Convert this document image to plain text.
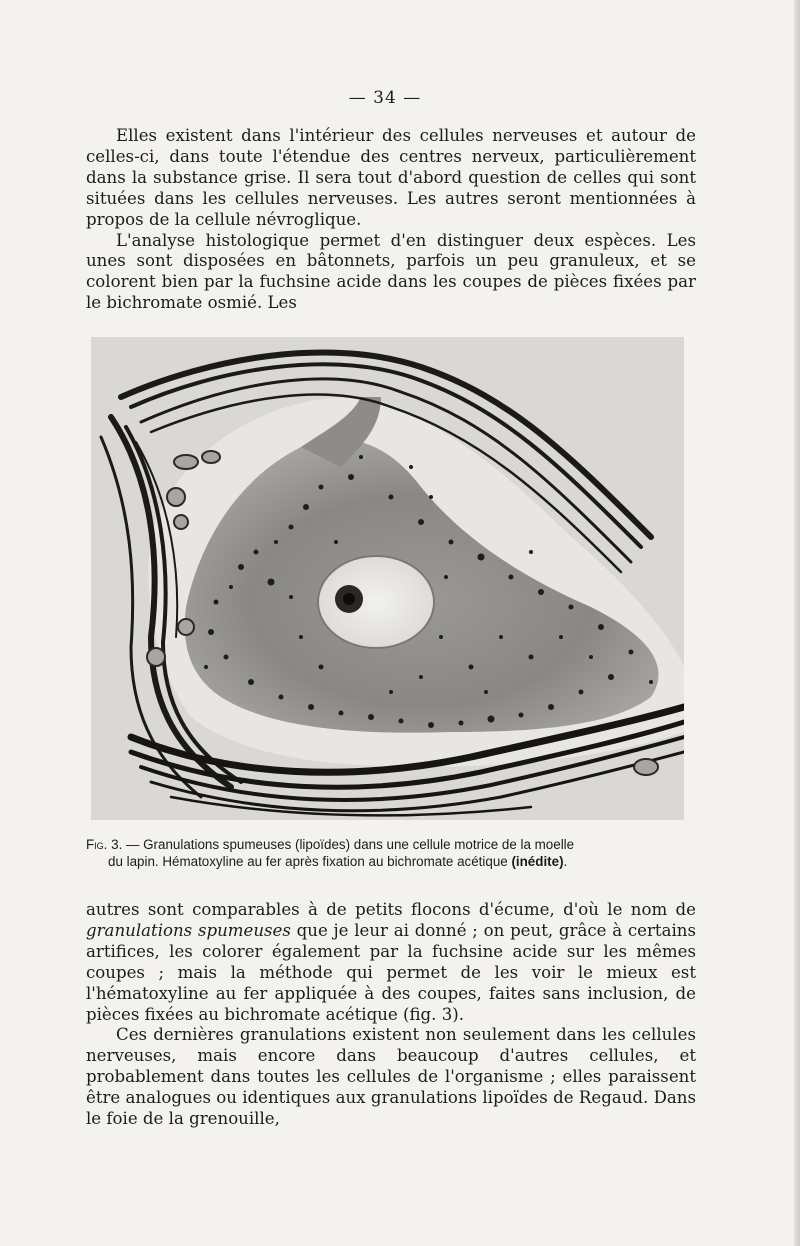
— 34 —

Elles existent dans l'intérieur des cellules nerveuses et autour de celles-ci, dans toute l'étendue des centres nerveux, particulièrement dans la substance grise. Il sera tout d'abord question de celles qui sont situées dans les cellules nerveuses. Les autres seront mentionnées à propos de la cellule névroglique.

L'analyse histologique permet d'en distinguer deux espèces. Les unes sont disposées en bâtonnets, parfois un peu granuleux, et se colorent bien par la fuchsine acide dans les coupes de pièces fixées par le bichromate osmié. Les

Fig. 3. — Granulations spumeuses (lipoïdes) dans une cellule motrice de la moelle
du lapin. Hématoxyline au fer après fixation au bichromate acétique (inédite).

autres sont comparables à de petits flocons d'écume, d'où le nom de granulations spumeuses que je leur ai donné ; on peut, grâce à certains artifices, les colorer également par la fuchsine acide sur les mêmes coupes ; mais la méthode qui permet de les voir le mieux est l'hématoxyline au fer appliquée à des coupes, faites sans inclusion, de pièces fixées au bichromate acétique (fig. 3).

Ces dernières granulations existent non seulement dans les cellules nerveuses, mais encore dans beaucoup d'autres cellules, et probablement dans toutes les cellules de l'organisme ; elles paraissent être analogues ou identiques aux granulations lipoïdes de Regaud. Dans le foie de la grenouille,
